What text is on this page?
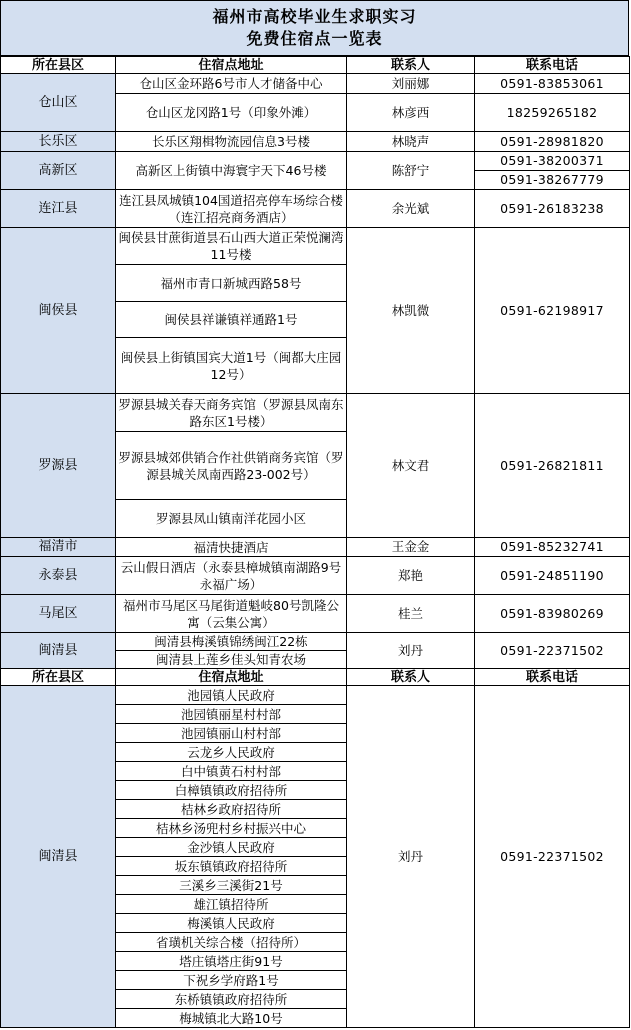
福州市高校毕业生求职实习
免费住宿点一览表
所在县区	住宿点地址	联系人	联系电话
仓山区	仓山区金环路6号市人才储备中心	刘丽娜	0591-83853061
	仓山区龙冈路1号（印象外滩）	林彦西	18259265182
长乐区	长乐区翔楫物流园信息3号楼	林晓声	0591-28981820
高新区	高新区上街镇中海寰宇天下46号楼	陈舒宁	0591-38200371
			0591-38267779
连江县	连江县凤城镇104国道招亮停车场综合楼（连江招亮商务酒店）	余光斌	0591-26183238
闽侯县	闽侯县甘蔗街道昙石山西大道正荣悦澜湾11号楼	林凯微	0591-62198917
	福州市青口新城西路58号		
	闽侯县祥谦镇祥通路1号		
	闽侯县上街镇国宾大道1号（闽都大庄园12号）		
罗源县	罗源县城关春天商务宾馆（罗源县凤南东路东区1号楼）	林文君	0591-26821811
	罗源县城郊供销合作社供销商务宾馆（罗源县城关凤南西路23-002号）		
	罗源县凤山镇南洋花园小区		
福清市	福清快捷酒店	王金金	0591-85232741
永泰县	云山假日酒店（永泰县樟城镇南湖路9号永福广场）	郑艳	0591-24851190
马尾区	福州市马尾区马尾街道魁岐80号凯隆公寓（云集公寓）	桂兰	0591-83980269
闽清县	闽清县梅溪镇锦绣闽江22栋	刘丹	0591-22371502
	闽清县上莲乡佳头知青农场		
所在县区	住宿点地址	联系人	联系电话
闽清县	池园镇人民政府	刘丹	0591-22371502
	池园镇丽星村村部		
	池园镇丽山村村部		
	云龙乡人民政府		
	白中镇黄石村村部		
	白樟镇镇政府招待所		
	桔林乡政府招待所		
	桔林乡汤兜村乡村振兴中心		
	金沙镇人民政府		
	坂东镇镇政府招待所		
	三溪乡三溪街21号		
	雄江镇招待所		
	梅溪镇人民政府		
	省璜机关综合楼（招待所）		
	塔庄镇塔庄街91号		
	下祝乡学府路1号		
	东桥镇镇政府招待所		
	梅城镇北大路10号		
